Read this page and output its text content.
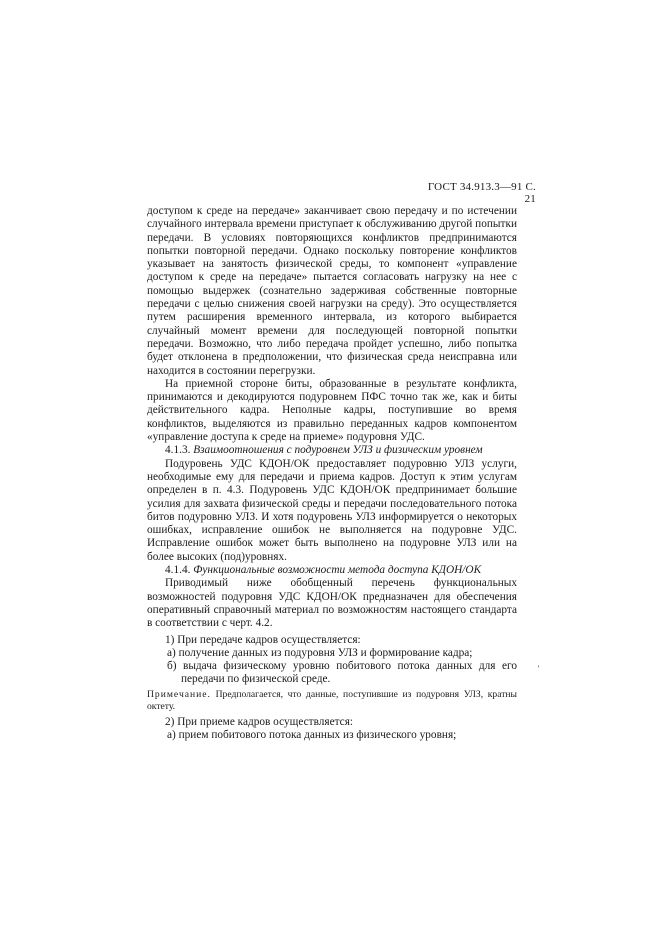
ГОСТ 34.913.3—91 С. 21

доступом к среде на передаче» заканчивает свою передачу и по истечении случайного интервала времени приступает к обслуживанию другой попытки передачи. В условиях повторяющихся конфликтов предпринимаются попытки повторной передачи. Однако поскольку повторение конфликтов указывает на занятость физической среды, то компонент «управление доступом к среде на передаче» пытается согласовать нагрузку на нее с помощью выдержек (сознательно задерживая собственные повторные передачи с целью снижения своей нагрузки на среду). Это осуществляется путем расширения временного интервала, из которого выбирается случайный момент времени для последующей повторной попытки передачи. Возможно, что либо передача пройдет успешно, либо попытка будет отклонена в предположении, что физическая среда неисправна или находится в состоянии перегрузки.

На приемной стороне биты, образованные в результате конфликта, принимаются и декодируются подуровнем ПФС точно так же, как и биты действительного кадра. Неполные кадры, поступившие во время конфликтов, выделяются из правильно переданных кадров компонентом «управление доступа к среде на приеме» подуровня УДС.

4.1.3. Взаимоотношения с подуровнем УЛЗ и физическим уровнем

Подуровень УДС КДОН/ОК предоставляет подуровню УЛЗ услуги, необходимые ему для передачи и приема кадров. Доступ к этим услугам определен в п. 4.3. Подуровень УДС КДОН/ОК предпринимает большие усилия для захвата физической среды и передачи последовательного потока битов подуровню УЛЗ. И хотя подуровень УЛЗ информируется о некоторых ошибках, исправление ошибок не выполняется на подуровне УДС. Исправление ошибок может быть выполнено на подуровне УЛЗ или на более высоких (под)уровнях.

4.1.4. Функциональные возможности метода доступа КДОН/ОК

Приводимый ниже обобщенный перечень функциональных возможностей подуровня УДС КДОН/ОК предназначен для обеспечения оперативный справочный материал по возможностям настоящего стандарта в соответствии с черт. 4.2.

1) При передаче кадров осуществляется:

а) получение данных из подуровня УЛЗ и формирование кадра;

б) выдача физическому уровню побитового потока данных для его передачи по физической среде.

Примечание. Предполагается, что данные, поступившие из подуровня УЛЗ, кратны октету.

2) При приеме кадров осуществляется:

а) прием побитового потока данных из физического уровня;

'
